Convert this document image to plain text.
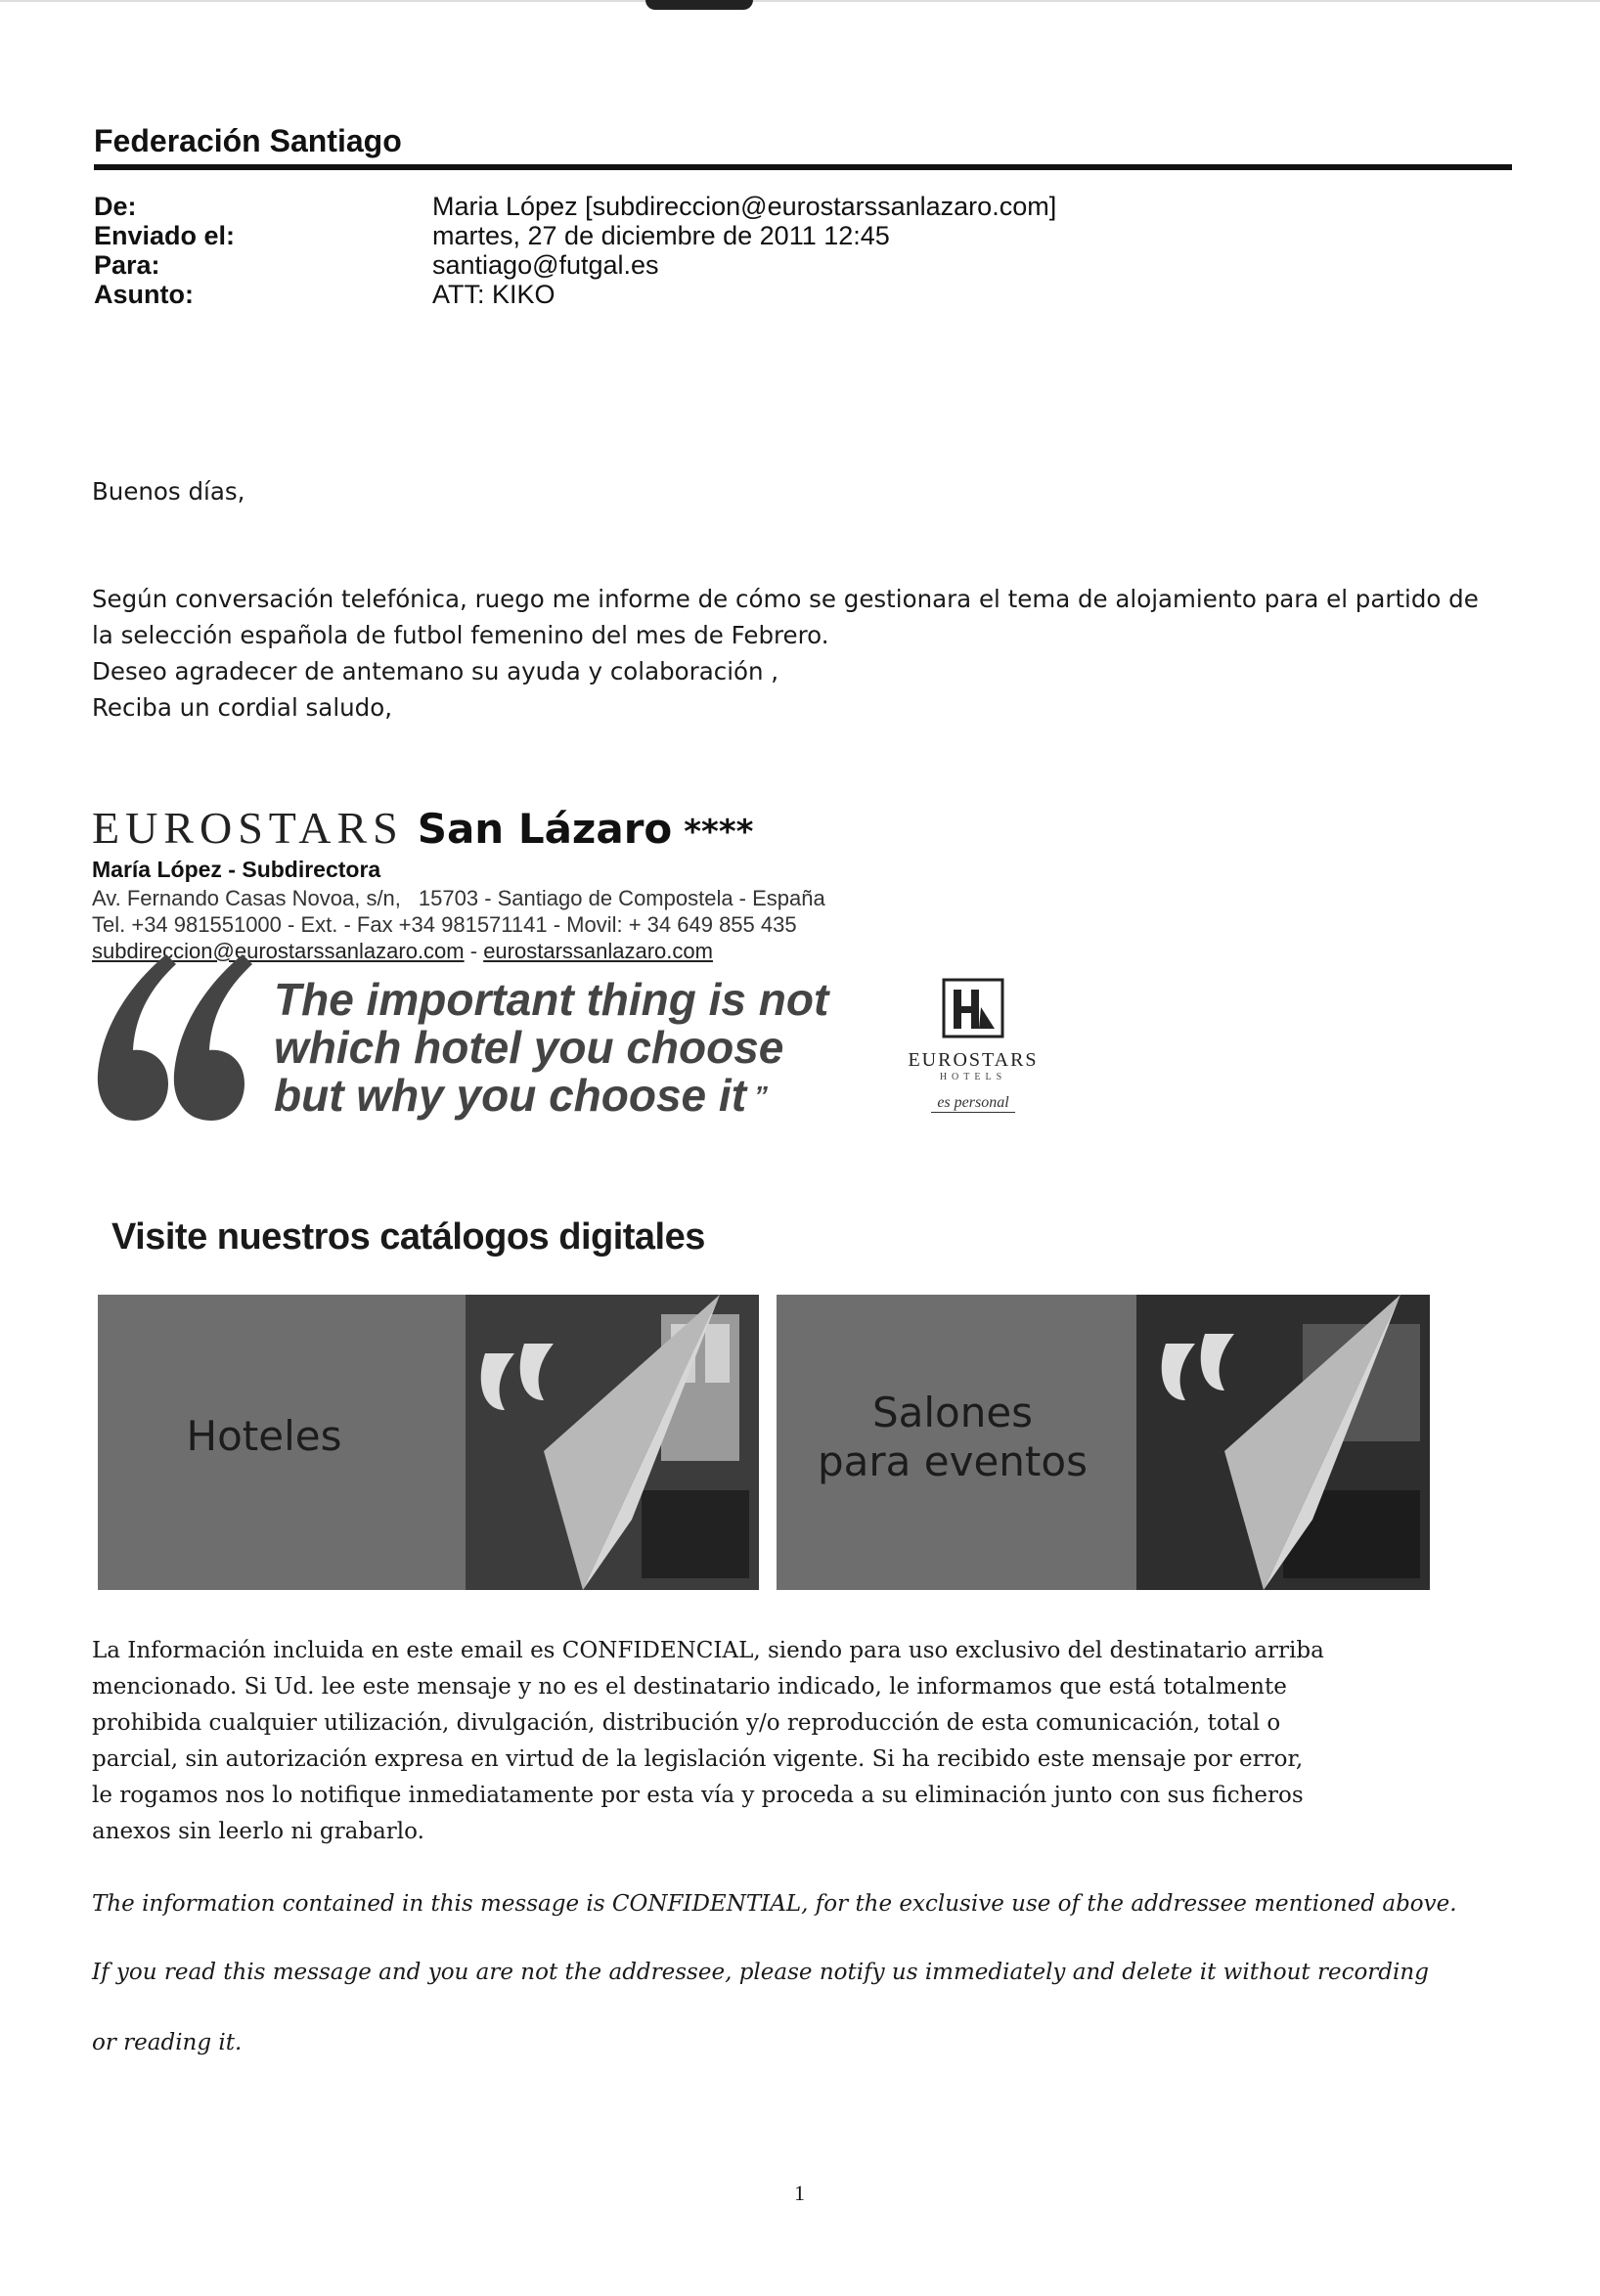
Federación Santiago
De:	Maria López [subdireccion@eurostarssanlazaro.com]
Enviado el:	martes, 27 de diciembre de 2011 12:45
Para:	santiago@futgal.es
Asunto:	ATT: KIKO
Buenos días,
Según conversación telefónica, ruego me informe de cómo se gestionara el tema de alojamiento para el partido de
la selección española de futbol femenino del mes de Febrero.
Deseo agradecer de antemano su ayuda y colaboración ,
Reciba un cordial saludo,
EUROSTARS San Lázaro ****
María López - Subdirectora
Av. Fernando Casas Novoa, s/n, 15703 - Santiago de Compostela - España
Tel. +34 981551000 - Ext. - Fax +34 981571141 - Movil: + 34 649 855 435
subdireccion@eurostarssanlazaro.com - eurostarssanlazaro.com
The important thing is not
which hotel you choose
but why you choose it ”
EUROSTARS
HOTELS
es personal
Visite nuestros catálogos digitales
Hoteles	Salones
para eventos
La Información incluida en este email es CONFIDENCIAL, siendo para uso exclusivo del destinatario arriba
mencionado. Si Ud. lee este mensaje y no es el destinatario indicado, le informamos que está totalmente
prohibida cualquier utilización, divulgación, distribución y/o reproducción de esta comunicación, total o
parcial, sin autorización expresa en virtud de la legislación vigente. Si ha recibido este mensaje por error,
le rogamos nos lo notifique inmediatamente por esta vía y proceda a su eliminación junto con sus ficheros
anexos sin leerlo ni grabarlo.
The information contained in this message is CONFIDENTIAL, for the exclusive use of the addressee mentioned above.
If you read this message and you are not the addressee, please notify us immediately and delete it without recording
or reading it.
1
